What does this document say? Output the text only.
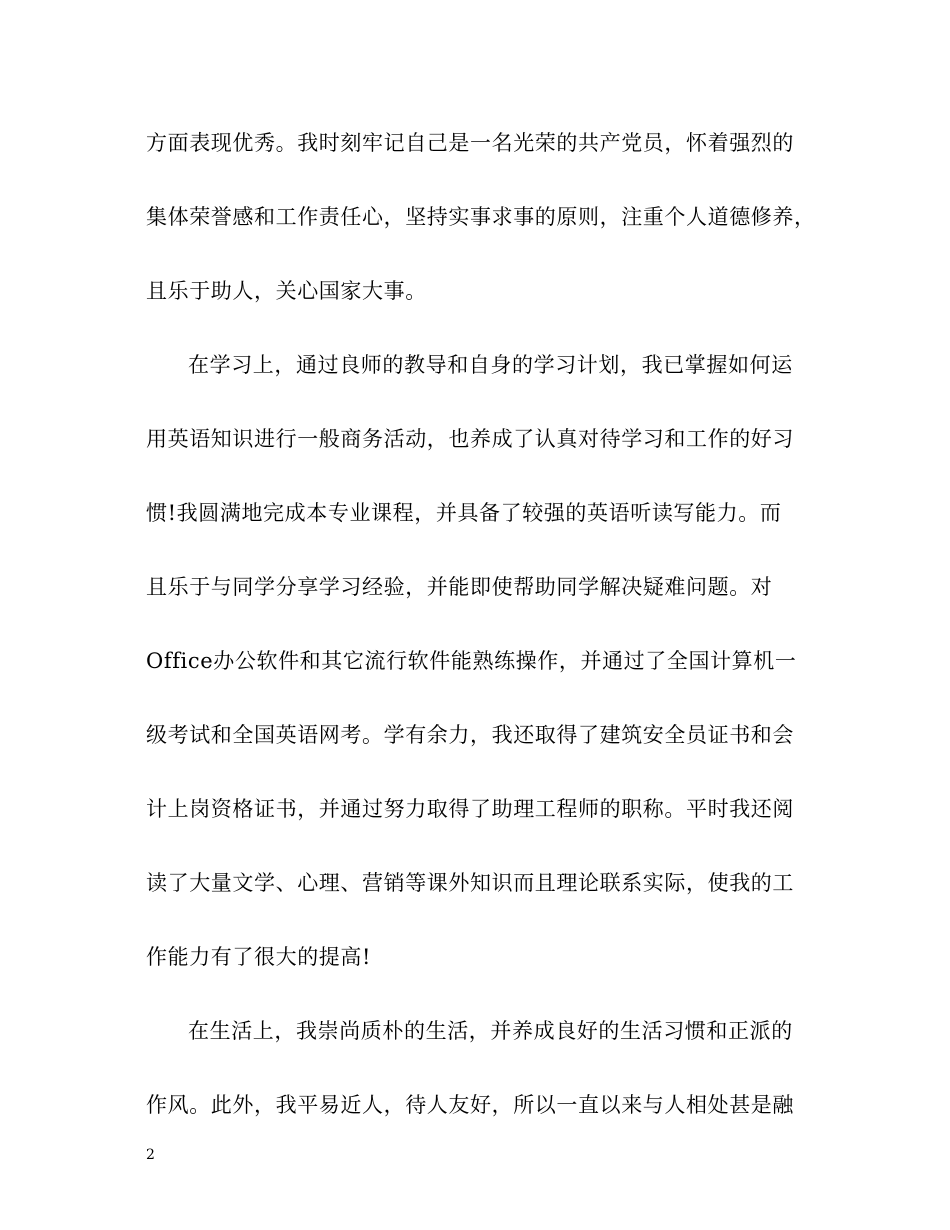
方面表现优秀。我时刻牢记自己是一名光荣的共产党员，怀着强烈的
集体荣誉感和工作责任心，坚持实事求事的原则，注重个人道德修养，
且乐于助人，关心国家大事。
在学习上，通过良师的教导和自身的学习计划，我已掌握如何运
用英语知识进行一般商务活动，也养成了认真对待学习和工作的好习
惯!我圆满地完成本专业课程，并具备了较强的英语听读写能力。而
且乐于与同学分享学习经验，并能即使帮助同学解决疑难问题。对
Office办公软件和其它流行软件能熟练操作，并通过了全国计算机一
级考试和全国英语网考。学有余力，我还取得了建筑安全员证书和会
计上岗资格证书，并通过努力取得了助理工程师的职称。平时我还阅
读了大量文学、心理、营销等课外知识而且理论联系实际，使我的工
作能力有了很大的提高!
在生活上，我崇尚质朴的生活，并养成良好的生活习惯和正派的
作风。此外，我平易近人，待人友好，所以一直以来与人相处甚是融
2
